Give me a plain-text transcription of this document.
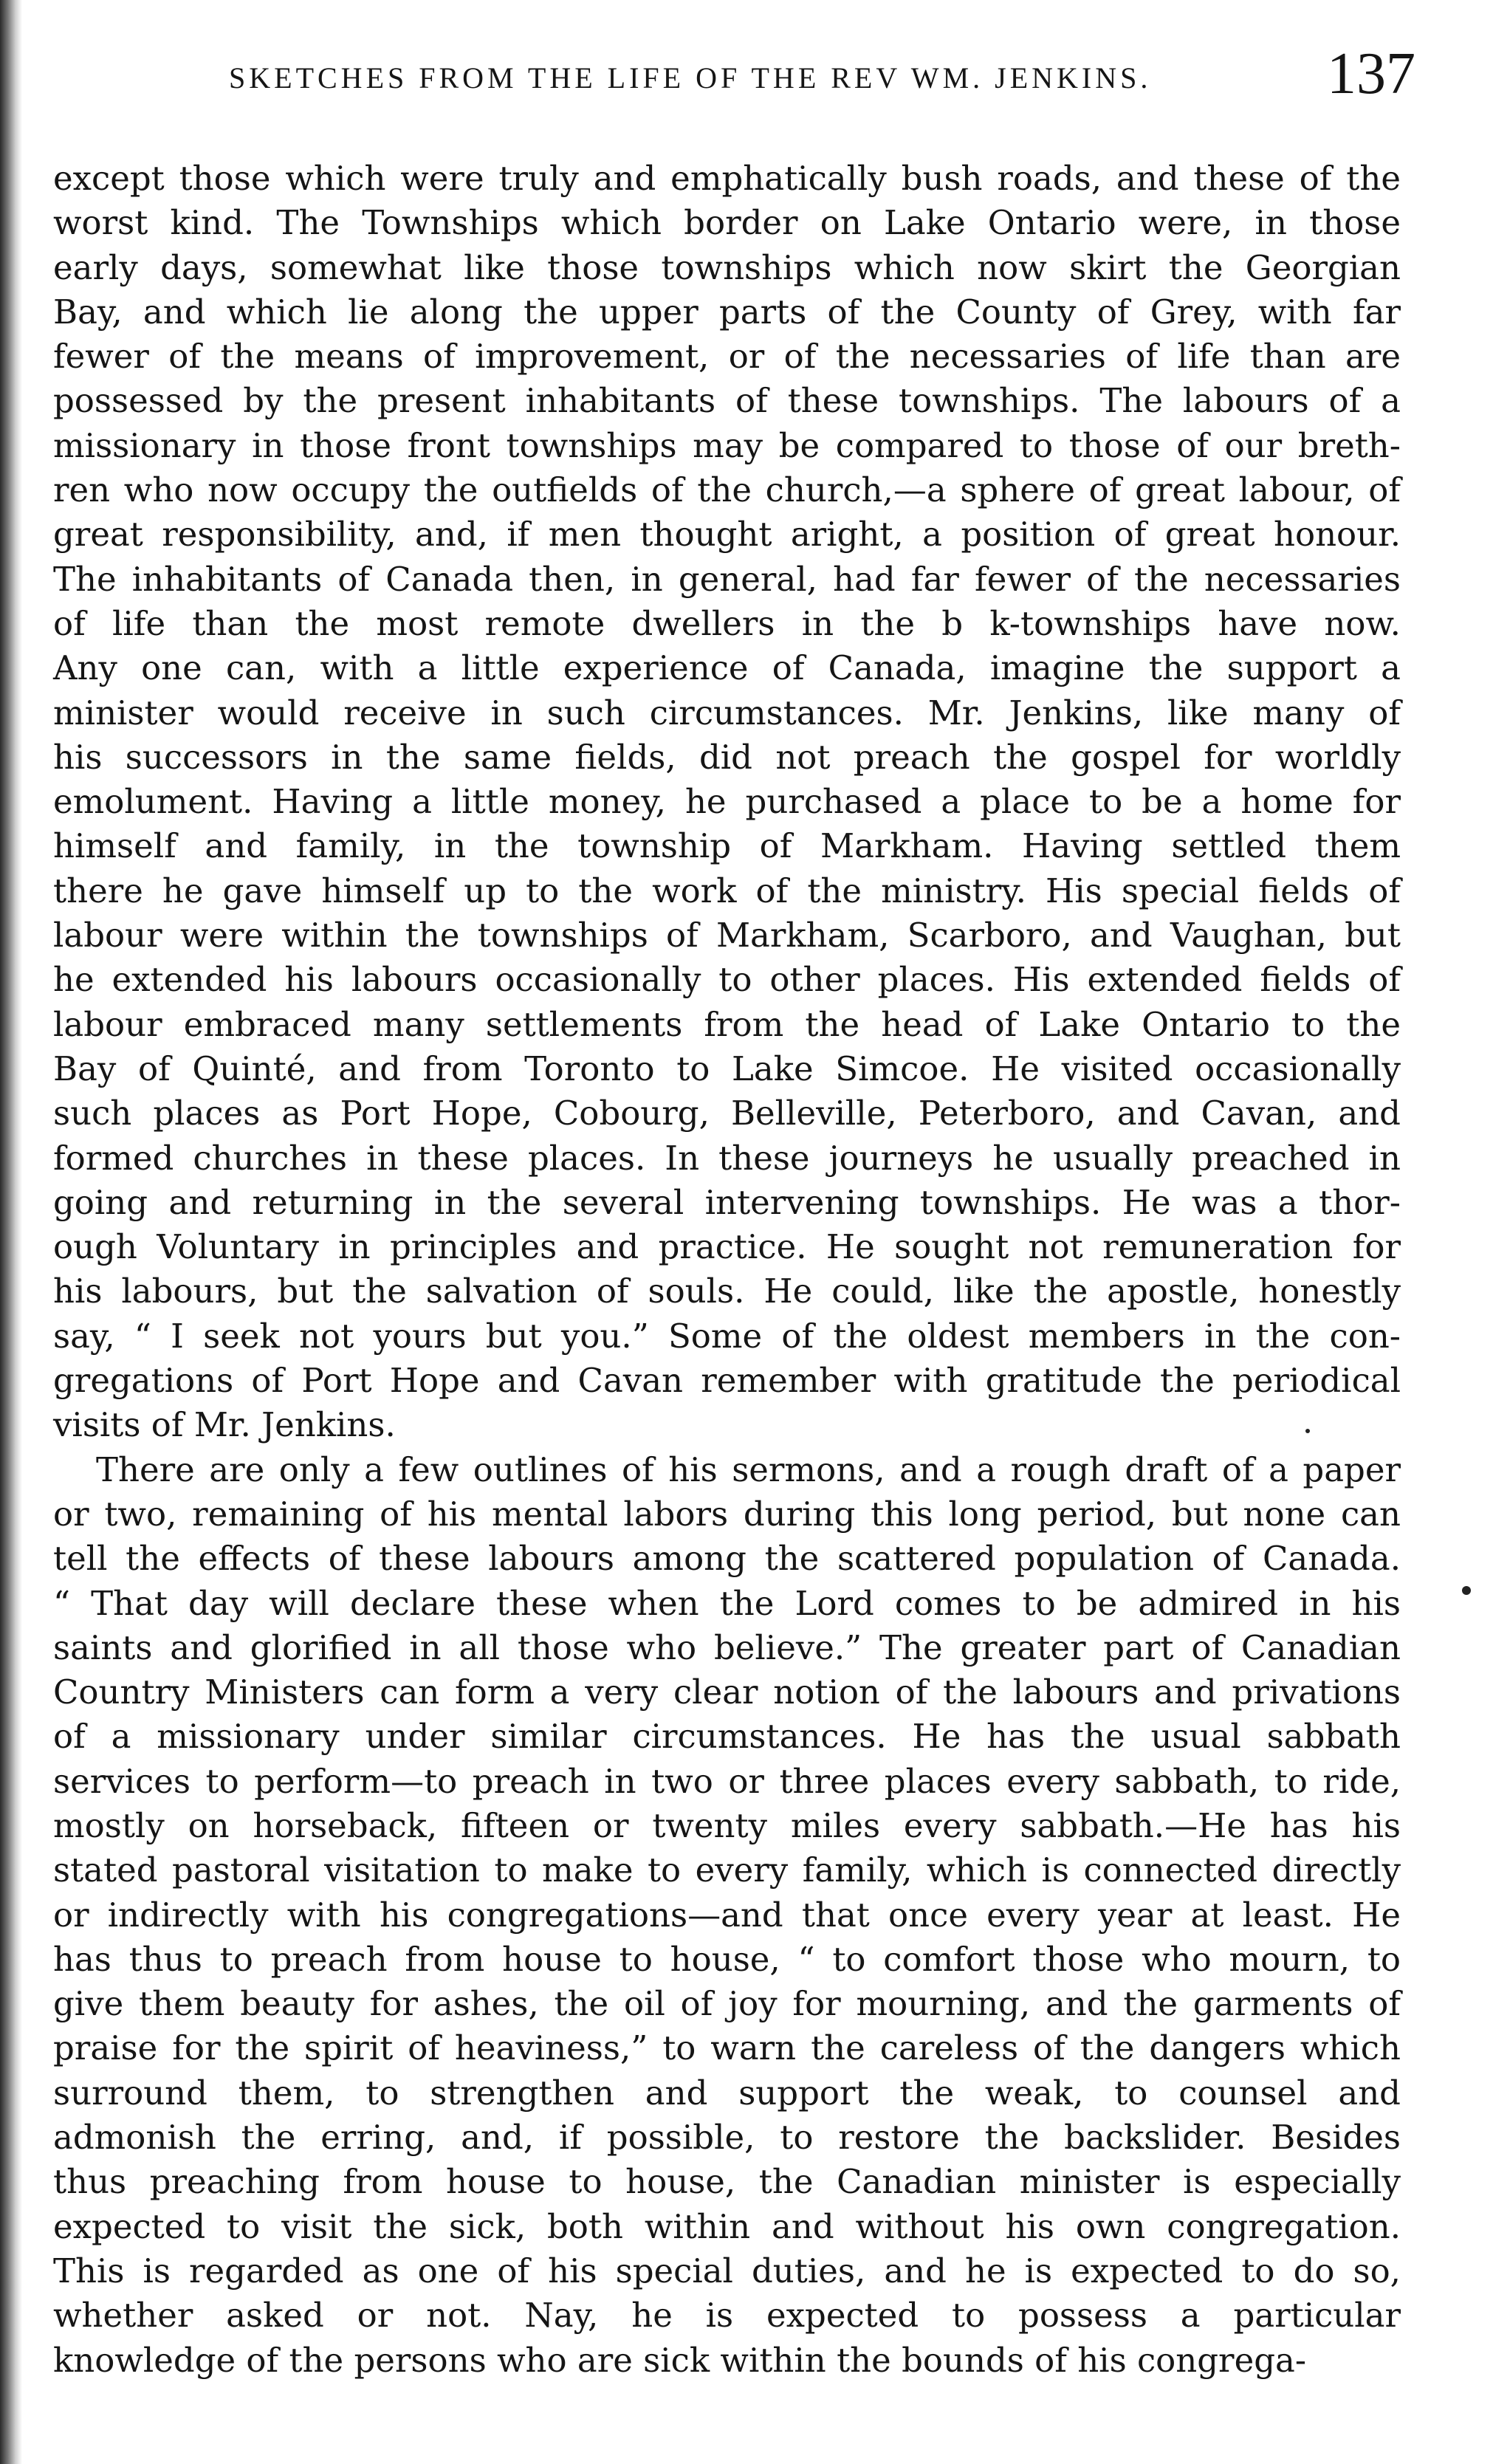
SKETCHES FROM THE LIFE OF THE REV WM. JENKINS.	137
except those which were truly and emphatically bush roads, and these of the
worst kind. The Townships which border on Lake Ontario were, in those
early days, somewhat like those townships which now skirt the Georgian
Bay, and which lie along the upper parts of the County of Grey, with far
fewer of the means of improvement, or of the necessaries of life than are
possessed by the present inhabitants of these townships. The labours of a
missionary in those front townships may be compared to those of our breth-
ren who now occupy the outfields of the church,—a sphere of great labour, of
great responsibility, and, if men thought aright, a position of great honour.
The inhabitants of Canada then, in general, had far fewer of the necessaries
of life than the most remote dwellers in the b k-townships have now.
Any one can, with a little experience of Canada, imagine the support a
minister would receive in such circumstances. Mr. Jenkins, like many of
his successors in the same fields, did not preach the gospel for worldly
emolument. Having a little money, he purchased a place to be a home for
himself and family, in the township of Markham. Having settled them
there he gave himself up to the work of the ministry. His special fields of
labour were within the townships of Markham, Scarboro, and Vaughan, but
he extended his labours occasionally to other places. His extended fields of
labour embraced many settlements from the head of Lake Ontario to the
Bay of Quinté, and from Toronto to Lake Simcoe. He visited occasionally
such places as Port Hope, Cobourg, Belleville, Peterboro, and Cavan, and
formed churches in these places. In these journeys he usually preached in
going and returning in the several intervening townships. He was a thor-
ough Voluntary in principles and practice. He sought not remuneration for
his labours, but the salvation of souls. He could, like the apostle, honestly
say, “ I seek not yours but you.” Some of the oldest members in the con-
gregations of Port Hope and Cavan remember with gratitude the periodical
visits of Mr. Jenkins.
There are only a few outlines of his sermons, and a rough draft of a paper
or two, remaining of his mental labors during this long period, but none can
tell the effects of these labours among the scattered population of Canada.
“ That day will declare these when the Lord comes to be admired in his
saints and glorified in all those who believe.” The greater part of Canadian
Country Ministers can form a very clear notion of the labours and privations
of a missionary under similar circumstances. He has the usual sabbath
services to perform—to preach in two or three places every sabbath, to ride,
mostly on horseback, fifteen or twenty miles every sabbath.—He has his
stated pastoral visitation to make to every family, which is connected directly
or indirectly with his congregations—and that once every year at least. He
has thus to preach from house to house, “ to comfort those who mourn, to
give them beauty for ashes, the oil of joy for mourning, and the garments of
praise for the spirit of heaviness,” to warn the careless of the dangers which
surround them, to strengthen and support the weak, to counsel and
admonish the erring, and, if possible, to restore the backslider. Besides
thus preaching from house to house, the Canadian minister is especially
expected to visit the sick, both within and without his own congregation.
This is regarded as one of his special duties, and he is expected to do so,
whether asked or not. Nay, he is expected to possess a particular
knowledge of the persons who are sick within the bounds of his congrega-
